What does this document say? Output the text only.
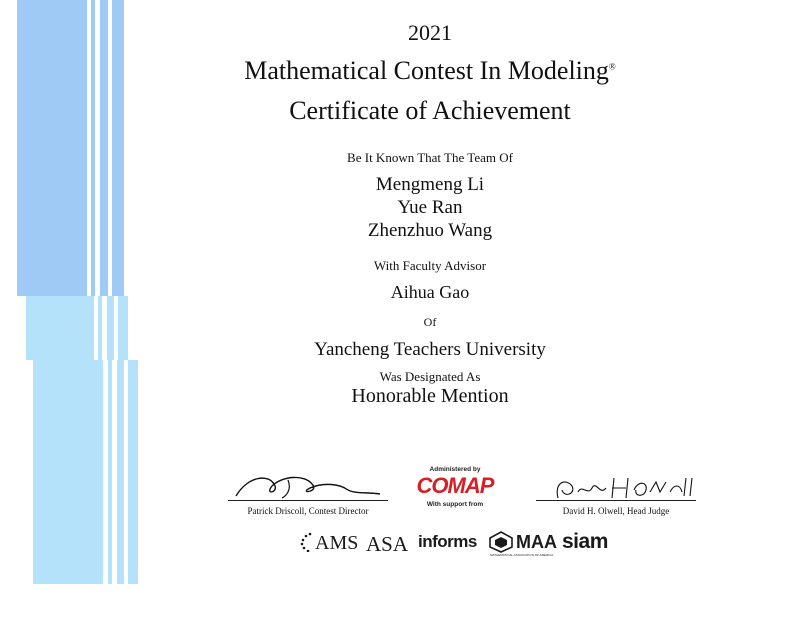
2021
Mathematical Contest In Modeling®
Certificate of Achievement
Be It Known That The Team Of
Mengmeng Li
Yue Ran
Zhenzhuo Wang
With Faculty Advisor
Aihua Gao
Of
Yancheng Teachers University
Was Designated As
Honorable Mention
Patrick Driscoll, Contest Director
Administered by
COMAP
With support from
David H. Olwell, Head Judge
AMS ASA informs MAA
MATHEMATICAL ASSOCIATION OF AMERICA
siam
